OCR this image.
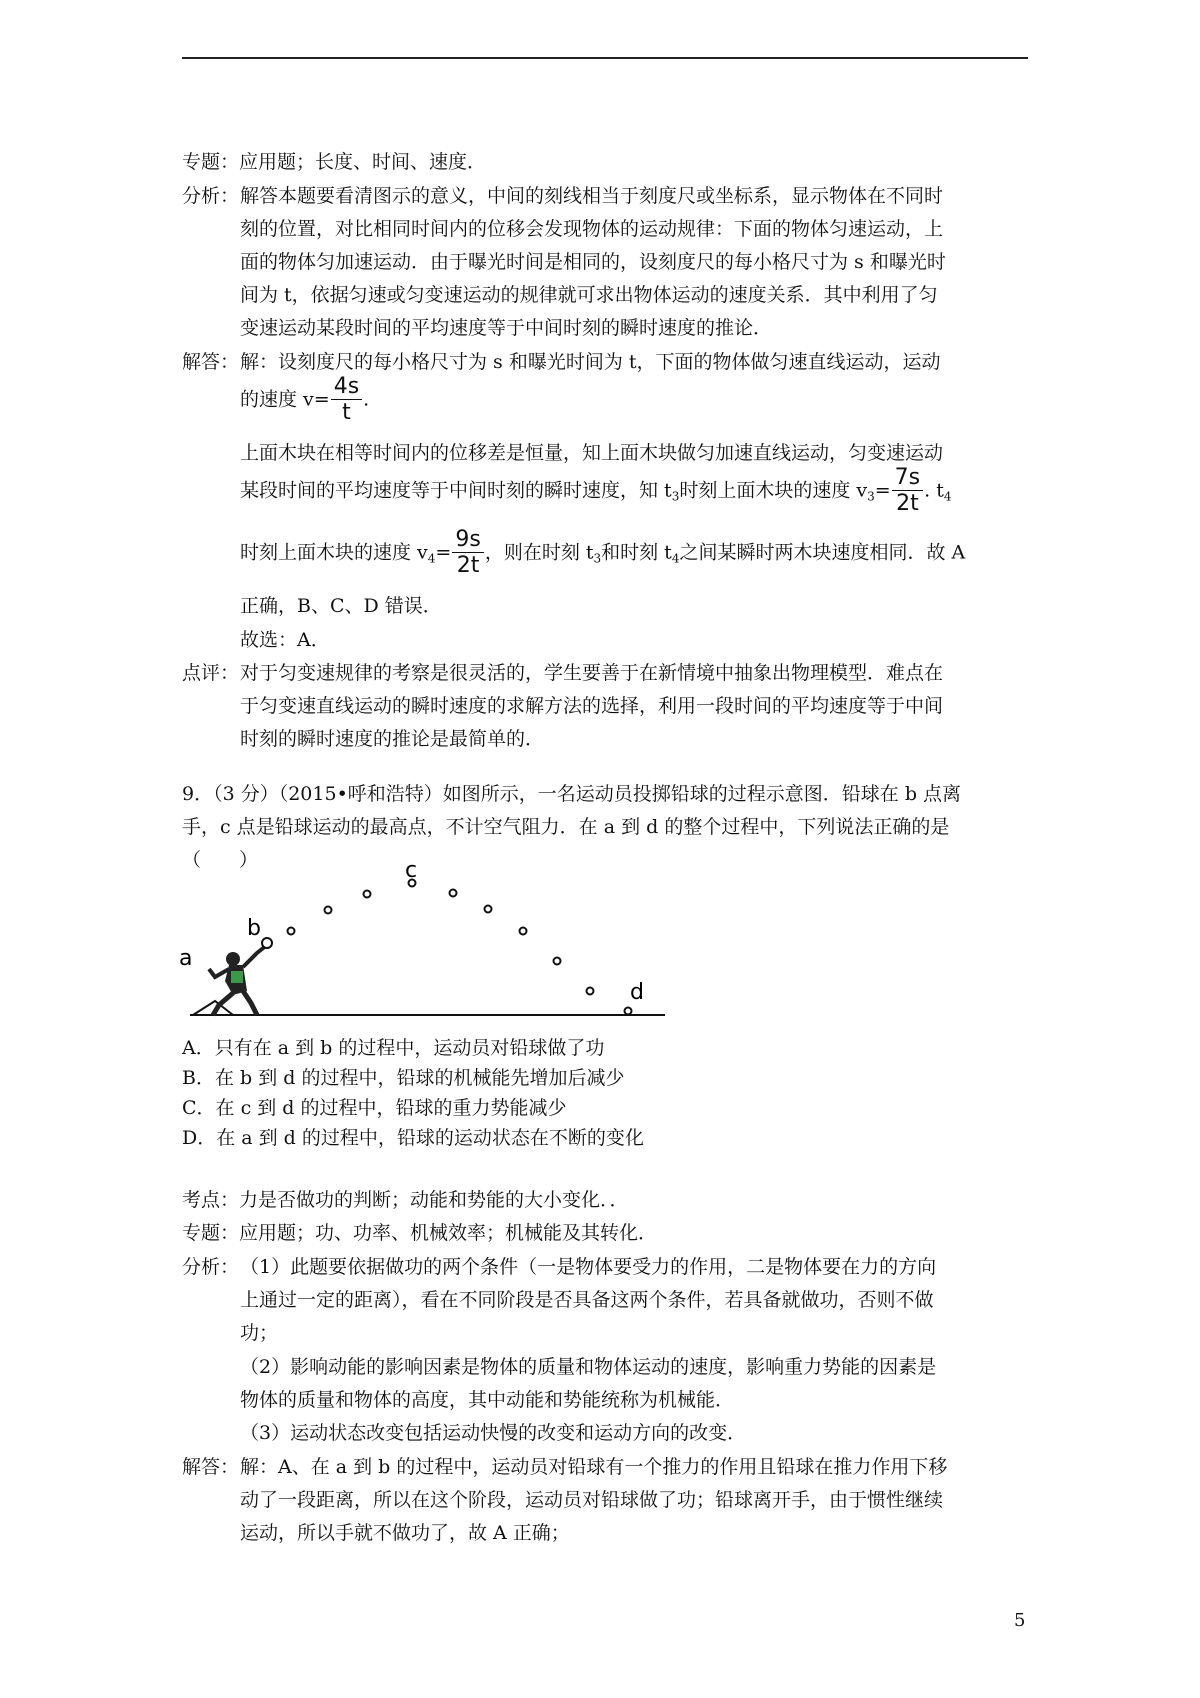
专题：应用题；长度、时间、速度．
分析： 解答本题要看清图示的意义，中间的刻线相当于刻度尺或坐标系，显示物体在不同时
刻的位置，对比相同时间内的位移会发现物体的运动规律：下面的物体匀速运动，上
面的物体匀加速运动．由于曝光时间是相同的，设刻度尺的每小格尺寸为 s 和曝光时
间为 t，依据匀速或匀变速运动的规律就可求出物体运动的速度关系．其中利用了匀
变速运动某段时间的平均速度等于中间时刻的瞬时速度的推论．
解答： 解：设刻度尺的每小格尺寸为 s 和曝光时间为 t，下面的物体做匀速直线运动，运动
的速度 $v= \frac{4s}{t}$ .
上面木块在相等时间内的位移差是恒量，知上面木块做匀加速直线运动，匀变速运动
某段时间的平均速度等于中间时刻的瞬时速度，知 $t_3$时刻上面木块的速度 $v_3= \frac{7s}{2t}$ . $t_4$
时刻上面木块的速度 $v_4= \frac{9s}{2t}$ ，则在时刻 $t_3$和时刻 $t_4$之间某瞬时两木块速度相同．故 A
正确，B、C、D 错误．
故选：A．
点评： 对于匀变速规律的考察是很灵活的，学生要善于在新情境中抽象出物理模型．难点在
于匀变速直线运动的瞬时速度的求解方法的选择，利用一段时间的平均速度等于中间
时刻的瞬时速度的推论是最简单的．
9．（3 分）（2015•呼和浩特）如图所示，一名运动员投掷铅球的过程示意图．铅球在 b 点离
手，c 点是铅球运动的最高点，不计空气阻力．在 a 到 d 的整个过程中，下列说法正确的是
（　　）
a
b
c
d
A．只有在 a 到 b 的过程中，运动员对铅球做了功
B．在 b 到 d 的过程中，铅球的机械能先增加后减少
C．在 c 到 d 的过程中，铅球的重力势能减少
D．在 a 到 d 的过程中，铅球的运动状态在不断的变化
考点：力是否做功的判断；动能和势能的大小变化．．
专题：应用题；功、功率、机械效率；机械能及其转化．
分析： （1）此题要依据做功的两个条件（一是物体要受力的作用，二是物体要在力的方向
上通过一定的距离），看在不同阶段是否具备这两个条件，若具备就做功，否则不做
功；
（2）影响动能的影响因素是物体的质量和物体运动的速度，影响重力势能的因素是
物体的质量和物体的高度，其中动能和势能统称为机械能．
（3）运动状态改变包括运动快慢的改变和运动方向的改变．
解答： 解：A、在 a 到 b 的过程中，运动员对铅球有一个推力的作用且铅球在推力作用下移
动了一段距离，所以在这个阶段，运动员对铅球做了功；铅球离开手，由于惯性继续
运动，所以手就不做功了，故 A 正确；
5
